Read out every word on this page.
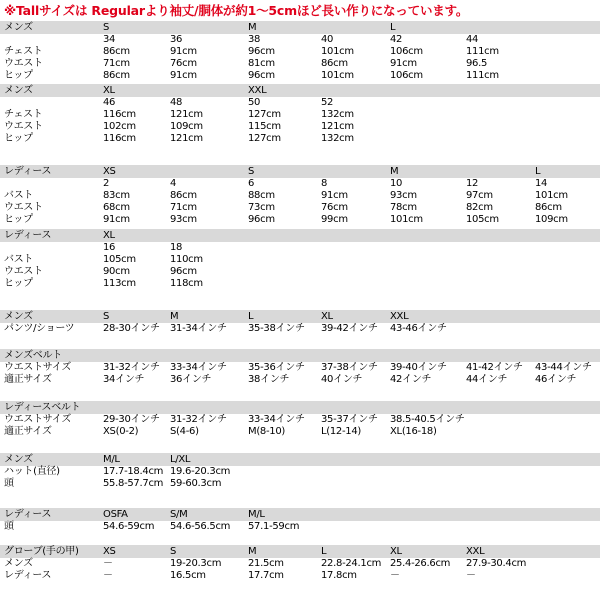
※Tallサイズは Regularより袖丈/胴体が約1～5cmほど長い作りになっています。
メンズ	S	M	L
34	36	38	40	42	44
チェスト	86cm	91cm	96cm	101cm	106cm	111cm
ウエスト	71cm	76cm	81cm	86cm	91cm	96.5
ヒップ	86cm	91cm	96cm	101cm	106cm	111cm
メンズ	XL	XXL
46	48	50	52
チェスト	116cm	121cm	127cm	132cm
ウエスト	102cm	109cm	115cm	121cm
ヒップ	116cm	121cm	127cm	132cm
レディース	XS	S	M	L
2	4	6	8	10	12	14
バスト	83cm	86cm	88cm	91cm	93cm	97cm	101cm
ウエスト	68cm	71cm	73cm	76cm	78cm	82cm	86cm
ヒップ	91cm	93cm	96cm	99cm	101cm	105cm	109cm
レディース	XL
16	18
バスト	105cm	110cm
ウエスト	90cm	96cm
ヒップ	113cm	118cm
メンズ	S	M	L	XL	XXL
パンツ/ショーツ	28-30インチ 31-34インチ 35-38インチ 39-42インチ 43-46インチ
メンズベルト
ウエストサイズ	31-32インチ 33-34インチ 35-36インチ 37-38インチ 39-40インチ 41-42インチ 43-44インチ
適正サイズ	34インチ	36インチ	38インチ	40インチ	42インチ	44インチ	46インチ
レディースベルト
ウエストサイズ	29-30インチ 31-32インチ 33-34インチ 35-37インチ 38.5-40.5インチ
適正サイズ	XS(0-2)	S(4-6)	M(8-10)	L(12-14)	XL(16-18)
メンズ	M/L	L/XL
ハット(直径)	17.7-18.4cm 19.6-20.3cm
頭	55.8-57.7cm 59-60.3cm
レディース	OSFA	S/M	M/L
頭	54.6-59cm 54.6-56.5cm 57.1-59cm
グローブ(手の甲) XS	S	M	L	XL	XXL
メンズ	－	19-20.3cm	21.5cm	22.8-24.1cm 25.4-26.6cm 27.9-30.4cm
レディース	－	16.5cm	17.7cm	17.8cm	－	－
